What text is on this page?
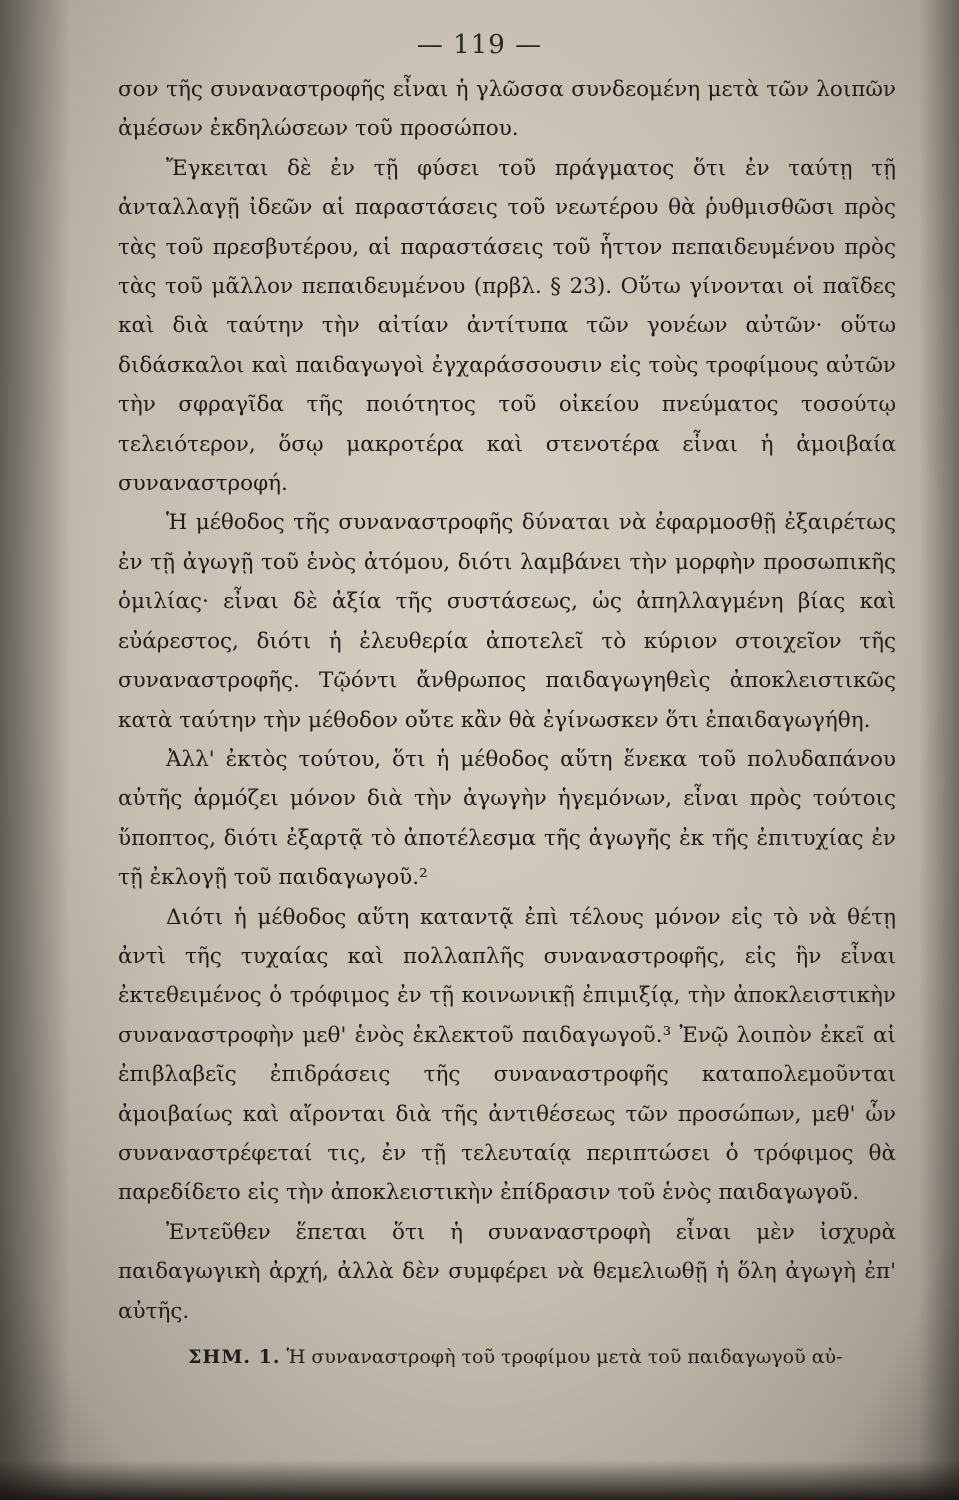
— 119 —

σον τῆς συναναστροφῆς εἶναι ἡ γλῶσσα συνδεομένη μετὰ τῶν λοιπῶν ἀμέσων ἐκδηλώσεων τοῦ προσώπου.

Ἔγκειται δὲ ἐν τῇ φύσει τοῦ πράγματος ὅτι ἐν ταύτῃ τῇ ἀνταλλαγῇ ἰδεῶν αἱ παραστάσεις τοῦ νεωτέρου θὰ ῥυθμισθῶσι πρὸς τὰς τοῦ πρεσβυτέρου, αἱ παραστάσεις τοῦ ἧττον πεπαιδευμένου πρὸς τὰς τοῦ μᾶλλον πεπαιδευμένου (πρβλ. § 23). Οὕτω γίνονται οἱ παῖδες καὶ διὰ ταύτην τὴν αἰτίαν ἀντίτυπα τῶν γονέων αὐτῶν· οὕτω διδάσκαλοι καὶ παιδαγωγοὶ ἐγχαράσσουσιν εἰς τοὺς τροφίμους αὐτῶν τὴν σφραγῖδα τῆς ποιότητος τοῦ οἰκείου πνεύματος τοσούτῳ τελειότερον, ὅσῳ μακροτέρα καὶ στενοτέρα εἶναι ἡ ἀμοιβαία συναναστροφή.

Ἡ μέθοδος τῆς συναναστροφῆς δύναται νὰ ἐφαρμοσθῇ ἐξαιρέτως ἐν τῇ ἀγωγῇ τοῦ ἑνὸς ἀτόμου, διότι λαμβάνει τὴν μορφὴν προσωπικῆς ὁμιλίας· εἶναι δὲ ἀξία τῆς συστάσεως, ὡς ἀπηλλαγμένη βίας καὶ εὐάρεστος, διότι ἡ ἐλευθερία ἀποτελεῖ τὸ κύριον στοιχεῖον τῆς συναναστροφῆς. Τῷόντι ἄνθρωπος παιδαγωγηθεὶς ἀποκλειστικῶς κατὰ ταύτην τὴν μέθοδον οὔτε κἂν θὰ ἐγίνωσκεν ὅτι ἐπαιδαγωγήθη.

Ἀλλ' ἐκτὸς τούτου, ὅτι ἡ μέθοδος αὕτη ἕνεκα τοῦ πολυδαπάνου αὐτῆς ἁρμόζει μόνον διὰ τὴν ἀγωγὴν ἡγεμόνων, εἶναι πρὸς τούτοις ὕποπτος, διότι ἐξαρτᾷ τὸ ἀποτέλεσμα τῆς ἀγωγῆς ἐκ τῆς ἐπιτυχίας ἐν τῇ ἐκλογῇ τοῦ παιδαγωγοῦ.²

Διότι ἡ μέθοδος αὕτη καταντᾷ ἐπὶ τέλους μόνον εἰς τὸ νὰ θέτῃ ἀντὶ τῆς τυχαίας καὶ πολλαπλῆς συναναστροφῆς, εἰς ἣν εἶναι ἐκτεθειμένος ὁ τρόφιμος ἐν τῇ κοινωνικῇ ἐπιμιξίᾳ, τὴν ἀποκλειστικὴν συναναστροφὴν μεθ' ἑνὸς ἐκλεκτοῦ παιδαγωγοῦ.³ Ἐνῷ λοιπὸν ἐκεῖ αἱ ἐπιβλαβεῖς ἐπιδράσεις τῆς συναναστροφῆς καταπολεμοῦνται ἀμοιβαίως καὶ αἴρονται διὰ τῆς ἀντιθέσεως τῶν προσώπων, μεθ' ὧν συναναστρέφεταί τις, ἐν τῇ τελευταίᾳ περιπτώσει ὁ τρόφιμος θὰ παρεδίδετο εἰς τὴν ἀποκλειστικὴν ἐπίδρασιν τοῦ ἑνὸς παιδαγωγοῦ.

Ἐντεῦθεν ἕπεται ὅτι ἡ συναναστροφὴ εἶναι μὲν ἰσχυρὰ παιδαγωγικὴ ἀρχή, ἀλλὰ δὲν συμφέρει νὰ θεμελιωθῇ ἡ ὅλη ἀγωγὴ ἐπ' αὐτῆς.

ΣΗΜ. 1. Ἡ συναναστροφὴ τοῦ τροφίμου μετὰ τοῦ παιδαγωγοῦ αὐ-
